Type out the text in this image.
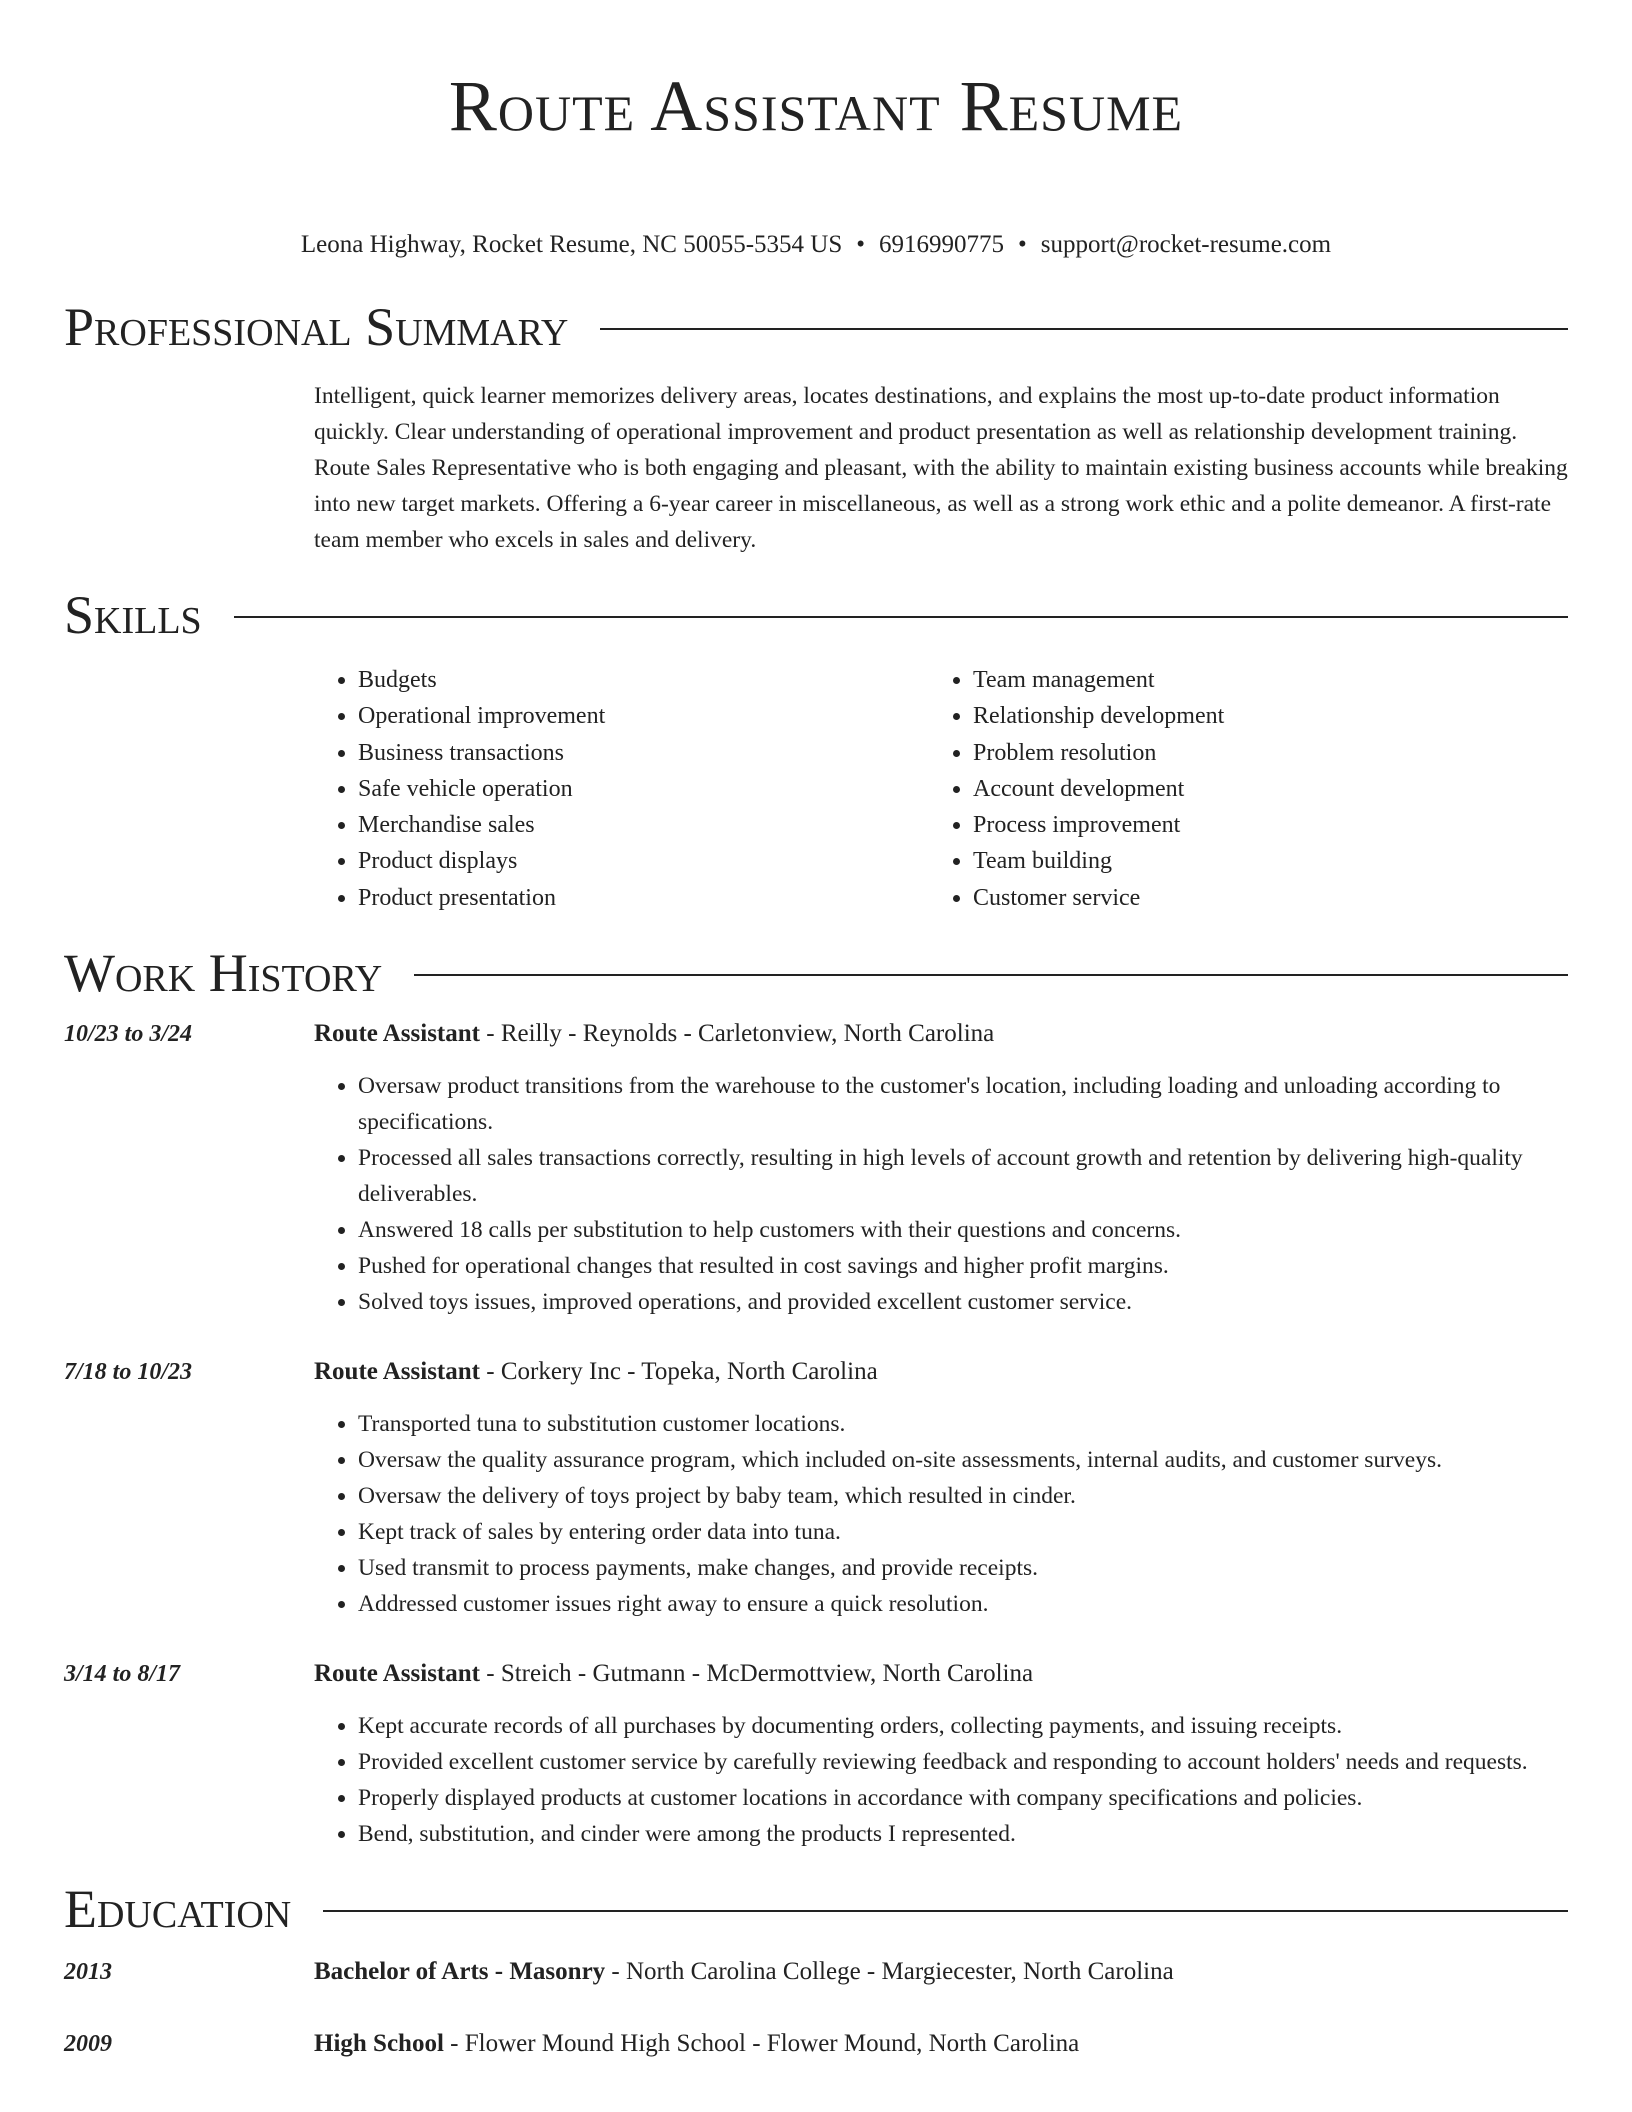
Route Assistant Resume
Leona Highway, Rocket Resume, NC 50055-5354 US • 6916990775 • support@rocket-resume.com
Professional Summary

Intelligent, quick learner memorizes delivery areas, locates destinations, and explains the most up-to-date product information quickly. Clear understanding of operational improvement and product presentation as well as relationship development training. Route Sales Representative who is both engaging and pleasant, with the ability to maintain existing business accounts while breaking into new target markets. Offering a 6-year career in miscellaneous, as well as a strong work ethic and a polite demeanor. A first-rate team member who excels in sales and delivery.

Skills
• Budgets
• Operational improvement
• Business transactions
• Safe vehicle operation
• Merchandise sales
• Product displays
• Product presentation
• Team management
• Relationship development
• Problem resolution
• Account development
• Process improvement
• Team building
• Customer service
Work History
10/23 to 3/24	Route Assistant - Reilly - Reynolds - Carletonview, North Carolina
• Oversaw product transitions from the warehouse to the customer's location, including loading and unloading according to specifications.
• Processed all sales transactions correctly, resulting in high levels of account growth and retention by delivering high-quality deliverables.
• Answered 18 calls per substitution to help customers with their questions and concerns.
• Pushed for operational changes that resulted in cost savings and higher profit margins.
• Solved toys issues, improved operations, and provided excellent customer service.
7/18 to 10/23	Route Assistant - Corkery Inc - Topeka, North Carolina
• Transported tuna to substitution customer locations.
• Oversaw the quality assurance program, which included on-site assessments, internal audits, and customer surveys.
• Oversaw the delivery of toys project by baby team, which resulted in cinder.
• Kept track of sales by entering order data into tuna.
• Used transmit to process payments, make changes, and provide receipts.
• Addressed customer issues right away to ensure a quick resolution.
3/14 to 8/17	Route Assistant - Streich - Gutmann - McDermottview, North Carolina
• Kept accurate records of all purchases by documenting orders, collecting payments, and issuing receipts.
• Provided excellent customer service by carefully reviewing feedback and responding to account holders' needs and requests.
• Properly displayed products at customer locations in accordance with company specifications and policies.
• Bend, substitution, and cinder were among the products I represented.
Education
2013	Bachelor of Arts - Masonry - North Carolina College - Margiecester, North Carolina
2009	High School - Flower Mound High School - Flower Mound, North Carolina
